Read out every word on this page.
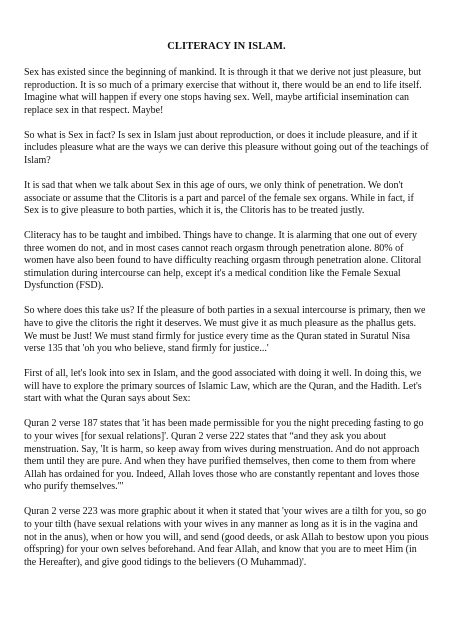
CLITERACY IN ISLAM.

Sex has existed since the beginning of mankind. It is through it that we derive not just pleasure, but reproduction. It is so much of a primary exercise that without it, there would be an end to life itself. Imagine what will happen if every one stops having sex. Well, maybe artificial insemination can replace sex in that respect. Maybe!

So what is Sex in fact? Is sex in Islam just about reproduction, or does it include pleasure, and if it includes pleasure what are the ways we can derive this pleasure without going out of the teachings of Islam?

It is sad that when we talk about Sex in this age of ours, we only think of penetration. We don't associate or assume that the Clitoris is a part and parcel of the female sex organs. While in fact, if Sex is to give pleasure to both parties, which it is, the Clitoris has to be treated justly.

Cliteracy has to be taught and imbibed. Things have to change. It is alarming that one out of every three women do not, and in most cases cannot reach orgasm through penetration alone. 80% of women have also been found to have difficulty reaching orgasm through penetration alone. Clitoral stimulation during intercourse can help, except it's a medical condition like the Female Sexual Dysfunction (FSD).

So where does this take us? If the pleasure of both parties in a sexual intercourse is primary, then we have to give the clitoris the right it deserves. We must give it as much pleasure as the phallus gets. We must be Just! We must stand firmly for justice every time as the Quran stated in Suratul Nisa verse 135 that 'oh you who believe, stand firmly for justice...'

First of all, let's look into sex in Islam, and the good associated with doing it well. In doing this, we will have to explore the primary sources of Islamic Law, which are the Quran, and the Hadith. Let's start with what the Quran says about Sex:

Quran 2 verse 187 states that 'it has been made permissible for you the night preceding fasting to go to your wives [for sexual relations]'. Quran 2 verse 222 states that “and they ask you about menstruation. Say, 'It is harm, so keep away from wives during menstruation. And do not approach them until they are pure. And when they have purified themselves, then come to them from where Allah has ordained for you. Indeed, Allah loves those who are constantly repentant and loves those who purify themselves."'

Quran 2 verse 223 was more graphic about it when it stated that 'your wives are a tilth for you, so go to your tilth (have sexual relations with your wives in any manner as long as it is in the vagina and not in the anus), when or how you will, and send (good deeds, or ask Allah to bestow upon you pious offspring) for your own selves beforehand. And fear Allah, and know that you are to meet Him (in the Hereafter), and give good tidings to the believers (O Muhammad)'.
